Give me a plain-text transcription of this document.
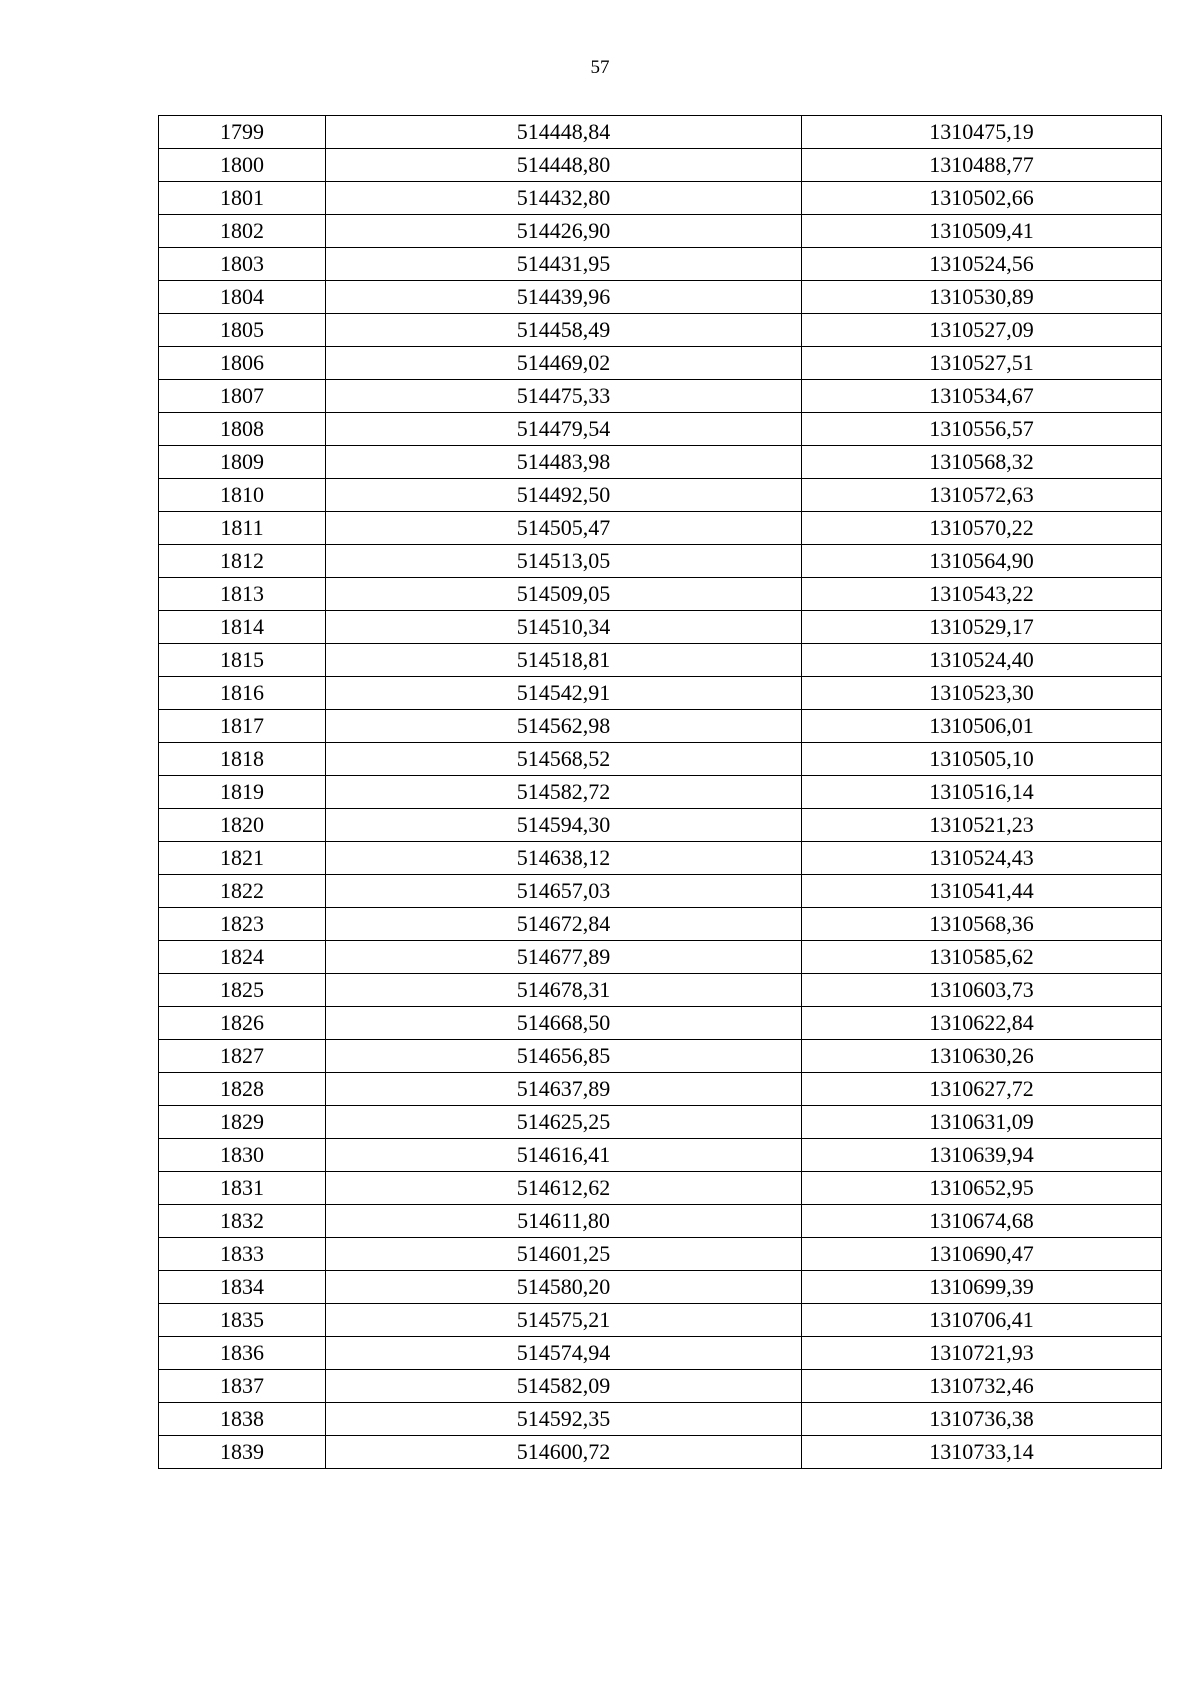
57
1799	514448,84	1310475,19
1800	514448,80	1310488,77
1801	514432,80	1310502,66
1802	514426,90	1310509,41
1803	514431,95	1310524,56
1804	514439,96	1310530,89
1805	514458,49	1310527,09
1806	514469,02	1310527,51
1807	514475,33	1310534,67
1808	514479,54	1310556,57
1809	514483,98	1310568,32
1810	514492,50	1310572,63
1811	514505,47	1310570,22
1812	514513,05	1310564,90
1813	514509,05	1310543,22
1814	514510,34	1310529,17
1815	514518,81	1310524,40
1816	514542,91	1310523,30
1817	514562,98	1310506,01
1818	514568,52	1310505,10
1819	514582,72	1310516,14
1820	514594,30	1310521,23
1821	514638,12	1310524,43
1822	514657,03	1310541,44
1823	514672,84	1310568,36
1824	514677,89	1310585,62
1825	514678,31	1310603,73
1826	514668,50	1310622,84
1827	514656,85	1310630,26
1828	514637,89	1310627,72
1829	514625,25	1310631,09
1830	514616,41	1310639,94
1831	514612,62	1310652,95
1832	514611,80	1310674,68
1833	514601,25	1310690,47
1834	514580,20	1310699,39
1835	514575,21	1310706,41
1836	514574,94	1310721,93
1837	514582,09	1310732,46
1838	514592,35	1310736,38
1839	514600,72	1310733,14
